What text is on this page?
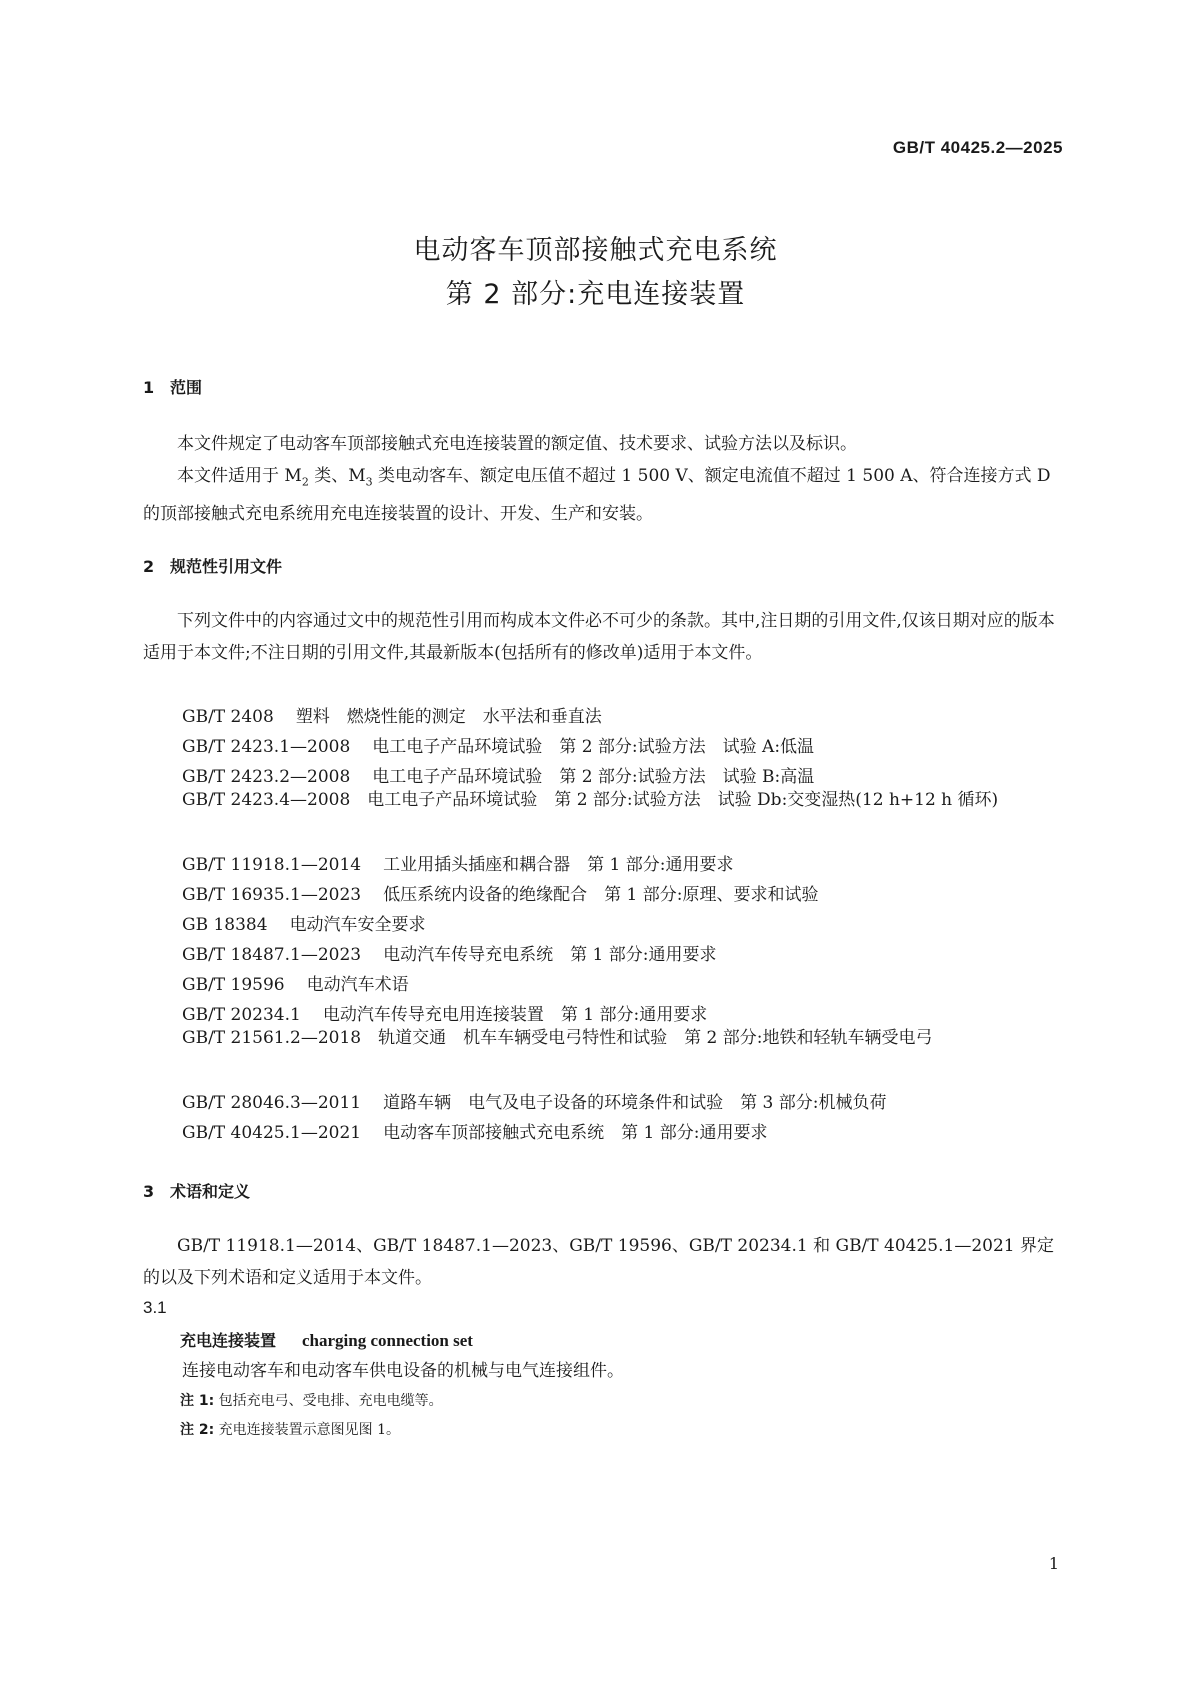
GB/T 40425.2—2025
电动客车顶部接触式充电系统
第 2 部分:充电连接装置
1 范围
本文件规定了电动客车顶部接触式充电连接装置的额定值、技术要求、试验方法以及标识。
本文件适用于 $M_2$ 类、$M_3$ 类电动客车、额定电压值不超过 1 500 V、额定电流值不超过 1 500 A、符合连接方式 D 的顶部接触式充电系统用充电连接装置的设计、开发、生产和安装。
2 规范性引用文件
下列文件中的内容通过文中的规范性引用而构成本文件必不可少的条款。其中,注日期的引用文件,仅该日期对应的版本适用于本文件;不注日期的引用文件,其最新版本(包括所有的修改单)适用于本文件。
GB/T 2408 塑料　燃烧性能的测定　水平法和垂直法
GB/T 2423.1—2008 电工电子产品环境试验　第 2 部分:试验方法　试验 A:低温
GB/T 2423.2—2008 电工电子产品环境试验　第 2 部分:试验方法　试验 B:高温
GB/T 2423.4—2008　 电工电子产品环境试验　第 2 部分:试验方法　试验 Db:交变湿热(12 h+12 h 循环)
GB/T 11918.1—2014 工业用插头插座和耦合器　第 1 部分:通用要求
GB/T 16935.1—2023 低压系统内设备的绝缘配合　第 1 部分:原理、要求和试验
GB 18384 电动汽车安全要求
GB/T 18487.1—2023 电动汽车传导充电系统　第 1 部分:通用要求
GB/T 19596 电动汽车术语
GB/T 20234.1 电动汽车传导充电用连接装置　第 1 部分:通用要求
GB/T 21561.2—2018　 轨道交通　机车车辆受电弓特性和试验　第 2 部分:地铁和轻轨车辆受电弓
GB/T 28046.3—2011 道路车辆　电气及电子设备的环境条件和试验　第 3 部分:机械负荷
GB/T 40425.1—2021 电动客车顶部接触式充电系统　第 1 部分:通用要求
3 术语和定义
GB/T 11918.1—2014、GB/T 18487.1—2023、GB/T 19596、GB/T 20234.1 和 GB/T 40425.1—2021 界定的以及下列术语和定义适用于本文件。
3.1
充电连接装置 charging connection set
连接电动客车和电动客车供电设备的机械与电气连接组件。
注 1: 包括充电弓、受电排、充电电缆等。
注 2: 充电连接装置示意图见图 1。
1
